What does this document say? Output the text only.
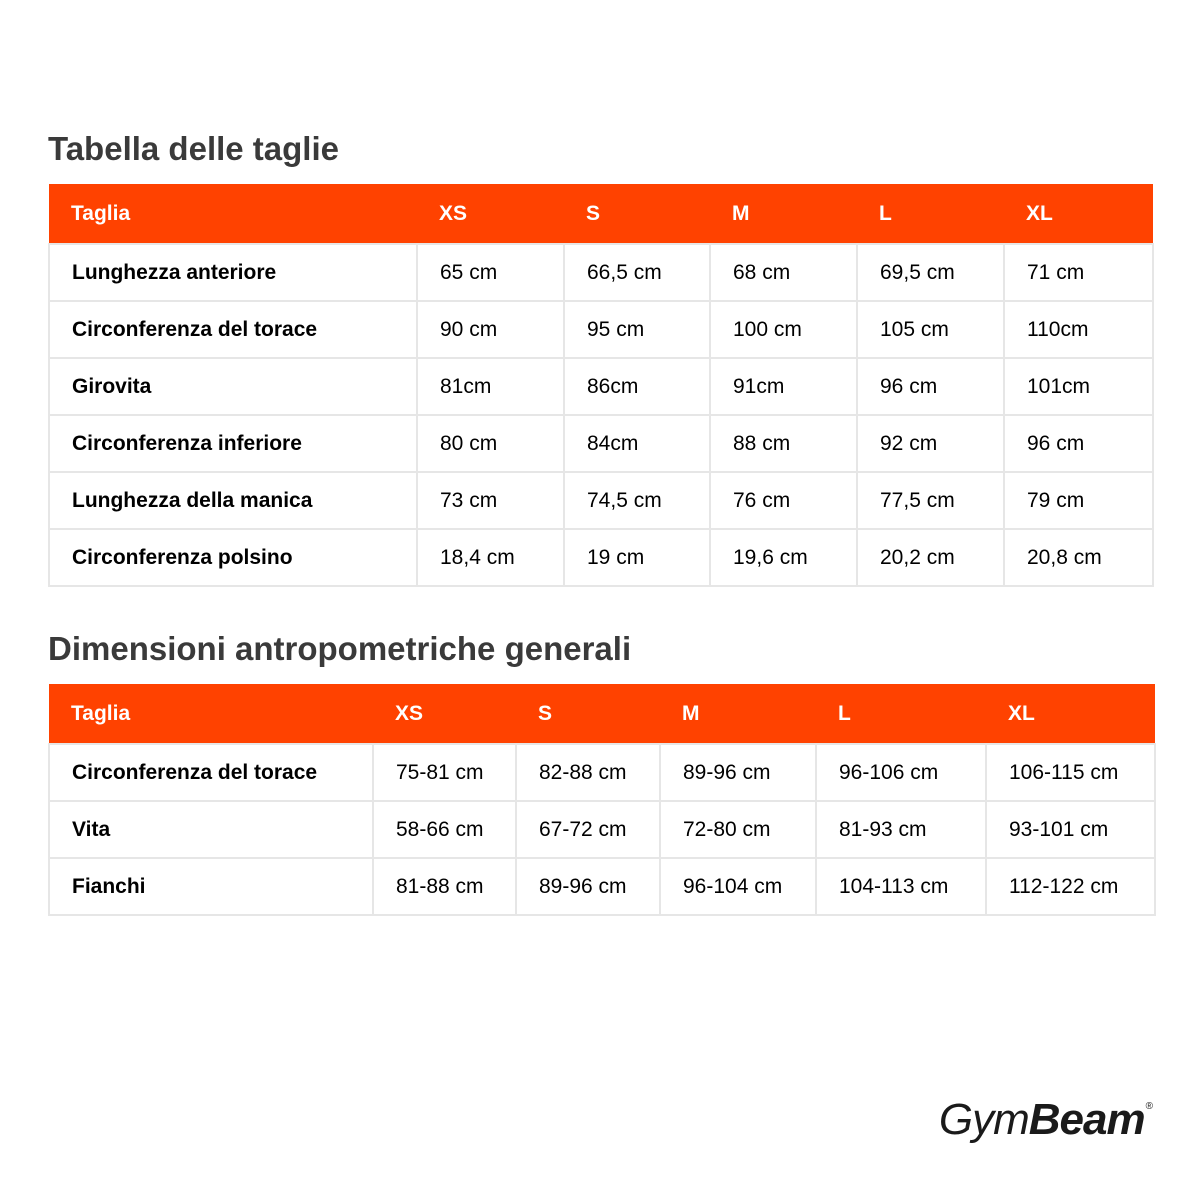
Tabella delle taglie
Taglia	XS	S	M	L	XL
Lunghezza anteriore	65 cm	66,5 cm	68 cm	69,5 cm	71 cm
Circonferenza del torace	90 cm	95 cm	100 cm	105 cm	110cm
Girovita	81cm	86cm	91cm	96 cm	101cm
Circonferenza inferiore	80 cm	84cm	88 cm	92 cm	96 cm
Lunghezza della manica	73 cm	74,5 cm	76 cm	77,5 cm	79 cm
Circonferenza polsino	18,4 cm	19 cm	19,6 cm	20,2 cm	20,8 cm
Dimensioni antropometriche generali
Taglia	XS	S	M	L	XL
Circonferenza del torace	75-81 cm	82-88 cm	89-96 cm	96-106 cm	106-115 cm
Vita	58-66 cm	67-72 cm	72-80 cm	81-93 cm	93-101 cm
Fianchi	81-88 cm	89-96 cm	96-104 cm	104-113 cm	112-122 cm
GymBeam®
